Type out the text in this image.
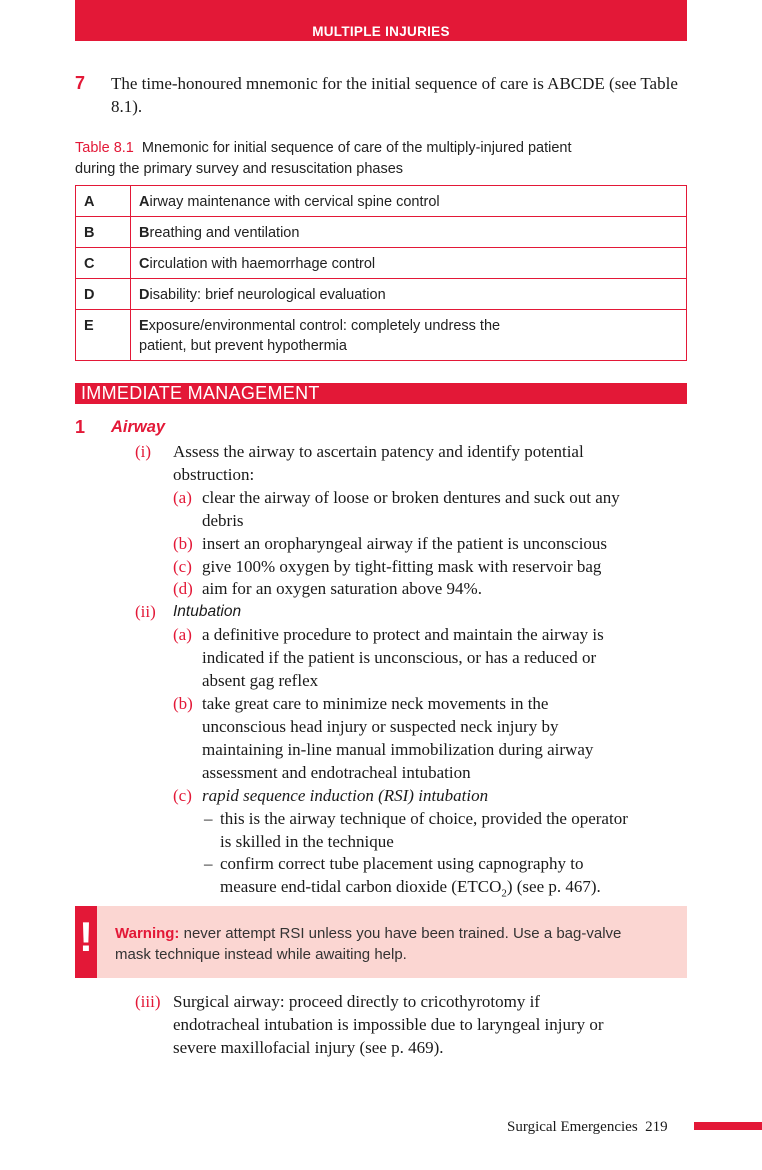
MULTIPLE INJURIES
7 The time-honoured mnemonic for the initial sequence of care is ABCDE (see Table 8.1).
Table 8.1 Mnemonic for initial sequence of care of the multiply-injured patient
during the primary survey and resuscitation phases
A	Airway maintenance with cervical spine control
B	Breathing and ventilation
C	Circulation with haemorrhage control
D	Disability: brief neurological evaluation
E	Exposure/environmental control: completely undress the
patient, but prevent hypothermia
IMMEDIATE MANAGEMENT
1 Airway
(i) Assess the airway to ascertain patency and identify potential
obstruction:
(a) clear the airway of loose or broken dentures and suck out any
debris
(b) insert an oropharyngeal airway if the patient is unconscious
(c) give 100% oxygen by tight-fitting mask with reservoir bag
(d) aim for an oxygen saturation above 94%.
(ii) Intubation
(a) a definitive procedure to protect and maintain the airway is
indicated if the patient is unconscious, or has a reduced or
absent gag reflex
(b) take great care to minimize neck movements in the
unconscious head injury or suspected neck injury by
maintaining in-line manual immobilization during airway
assessment and endotracheal intubation
(c) rapid sequence induction (RSI) intubation
– this is the airway technique of choice, provided the operator
is skilled in the technique
– confirm correct tube placement using capnography to
measure end-tidal carbon dioxide $(ETCO_2)$ (see p. 467).
! Warning: never attempt RSI unless you have been trained. Use a bag-valve
mask technique instead while awaiting help.
(iii) Surgical airway: proceed directly to cricothyrotomy if
endotracheal intubation is impossible due to laryngeal injury or
severe maxillofacial injury (see p. 469).
Surgical Emergencies 219
